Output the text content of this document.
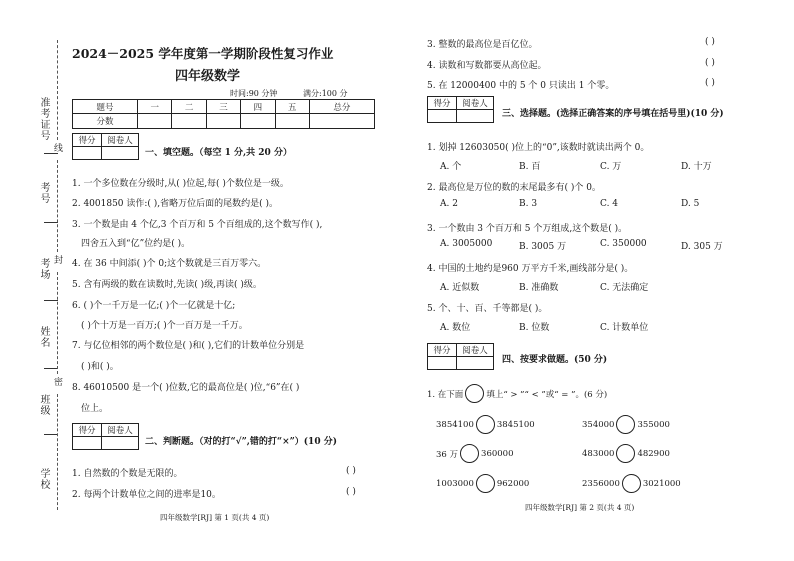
准考证号
考号
考场
姓名
班级
学校
线
封
密
2024－2025 学年度第一学期阶段性复习作业
四年级数学
时间:90 分钟	满分:100 分
题号	一	二	三	四	五	总分
分数						
得分	阅卷人

一、填空题。（每空 1 分,共 20 分）
1. 一个多位数在分级时,从( )位起,每( )个数位是一级。
2. 4001850 读作:( ),省略万位后面的尾数约是( )。
3. 一个数是由 4 个亿,3 个百万和 5 个百组成的,这个数写作( ),
四舍五入到“亿”位约是( )。
4. 在 36 中间添( )个 0;这个数就是三百万零六。
5. 含有两级的数在读数时,先读( )级,再读( )级。
6. ( )个一千万是一亿;( )个一亿就是十亿;
( )个十万是一百万;( )个一百万是一千万。
7. 与亿位相邻的两个数位是( )和( ),它们的计数单位分别是
( )和( )。
8. 46010500 是一个( )位数,它的最高位是( )位,“6”在( )
位上。
得分	阅卷人

二、判断题。（对的打“√”,错的打“×”）(10 分)
1. 自然数的个数是无限的。	( )
2. 每两个计数单位之间的进率是10。	( )
四年级数学[RJ] 第 1 页(共 4 页)
3. 整数的最高位是百亿位。	( )
4. 读数和写数都要从高位起。	( )
5. 在 12000400 中的 5 个 0 只读出 1 个零。	( )
得分	阅卷人

三、选择题。(选择正确答案的序号填在括号里)(10 分)
1. 划掉 12603050( )位上的“0”,该数时就读出两个 0。
A. 个	B. 百	C. 万	D. 十万
2. 最高位是万位的数的末尾最多有( )个 0。
A. 2	B. 3	C. 4	D. 5
3. 一个数由 3 个百万和 5 个万组成,这个数是( )。
A. 3005000	B. 3005 万	C. 350000	D. 305 万
4. 中国的土地约是960 万平方千米,画线部分是( )。
A. 近似数	B. 准确数	C. 无法确定
5. 个、十、百、千等都是( )。
A. 数位	B. 位数	C. 计数单位
得分	阅卷人

四、按要求做题。(50 分)
1. 在下面	填上“ > ”“ < ”或“ = ”。(6 分)
3854100	3845100	354000	355000
36 万	360000	483000	482900
1003000	962000	2356000	3021000
四年级数学[RJ] 第 2 页(共 4 页)
